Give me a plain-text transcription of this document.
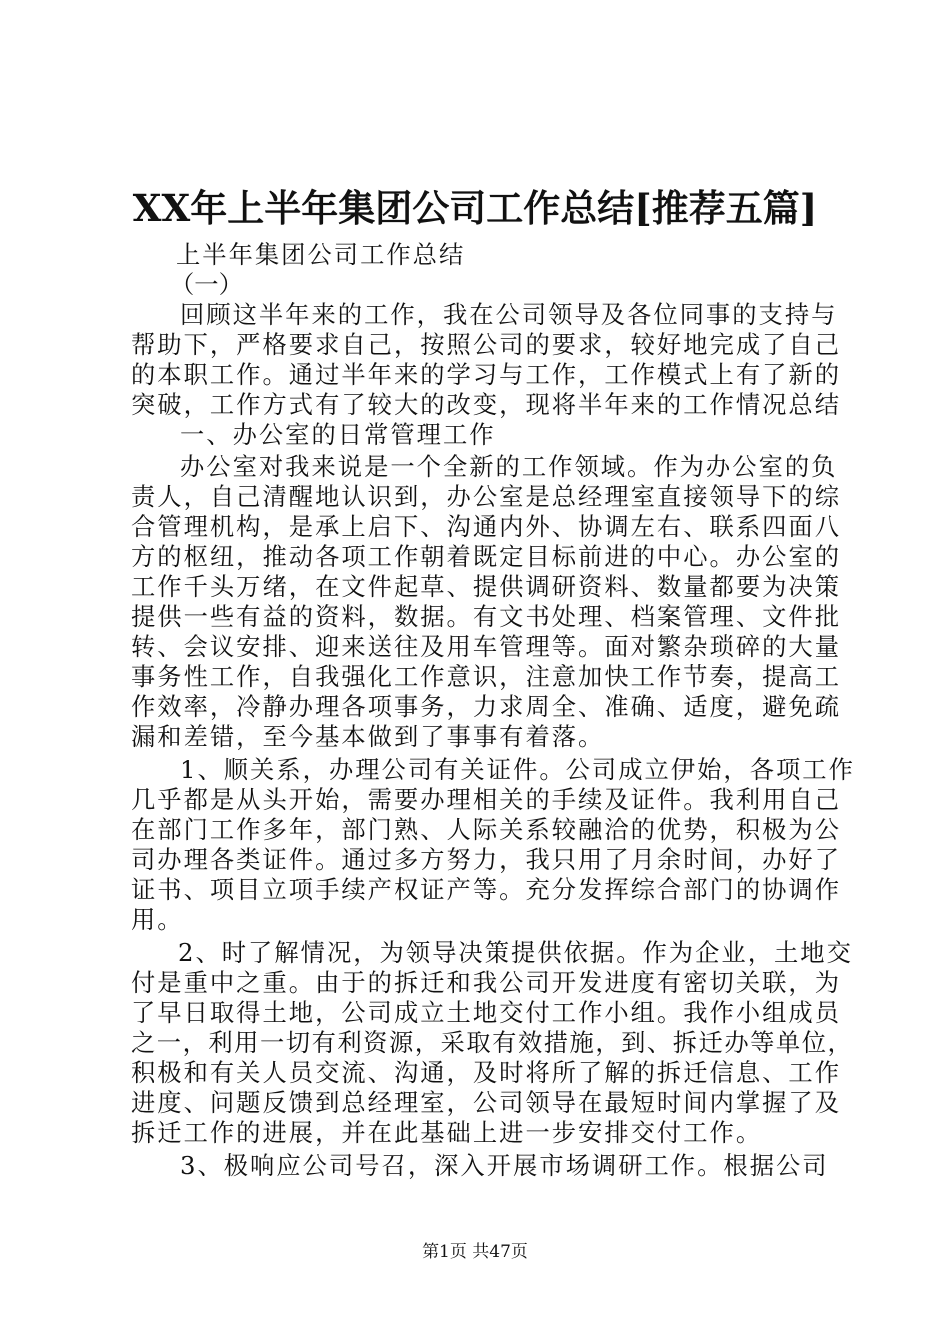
XX年上半年集团公司工作总结[推荐五篇]
上半年集团公司工作总结
（一）
回顾这半年来的工作，我在公司领导及各位同事的支持与
帮助下，严格要求自己，按照公司的要求，较好地完成了自己
的本职工作。通过半年来的学习与工作，工作模式上有了新的
突破，工作方式有了较大的改变，现将半年来的工作情况总结
一、办公室的日常管理工作
办公室对我来说是一个全新的工作领域。作为办公室的负
责人，自己清醒地认识到，办公室是总经理室直接领导下的综
合管理机构，是承上启下、沟通内外、协调左右、联系四面八
方的枢纽，推动各项工作朝着既定目标前进的中心。办公室的
工作千头万绪，在文件起草、提供调研资料、数量都要为决策
提供一些有益的资料，数据。有文书处理、档案管理、文件批
转、会议安排、迎来送往及用车管理等。面对繁杂琐碎的大量
事务性工作，自我强化工作意识，注意加快工作节奏，提高工
作效率，冷静办理各项事务，力求周全、准确、适度，避免疏
漏和差错，至今基本做到了事事有着落。
1、顺关系，办理公司有关证件。公司成立伊始，各项工作
几乎都是从头开始，需要办理相关的手续及证件。我利用自己
在部门工作多年，部门熟、人际关系较融洽的优势，积极为公
司办理各类证件。通过多方努力，我只用了月余时间，办好了
证书、项目立项手续产权证产等。充分发挥综合部门的协调作
用。
2、时了解情况，为领导决策提供依据。作为企业，土地交
付是重中之重。由于的拆迁和我公司开发进度有密切关联，为
了早日取得土地，公司成立土地交付工作小组。我作小组成员
之一，利用一切有利资源，采取有效措施，到、拆迁办等单位，
积极和有关人员交流、沟通，及时将所了解的拆迁信息、工作
进度、问题反馈到总经理室，公司领导在最短时间内掌握了及
拆迁工作的进展，并在此基础上进一步安排交付工作。
3、极响应公司号召，深入开展市场调研工作。根据公司
第1页 共47页
